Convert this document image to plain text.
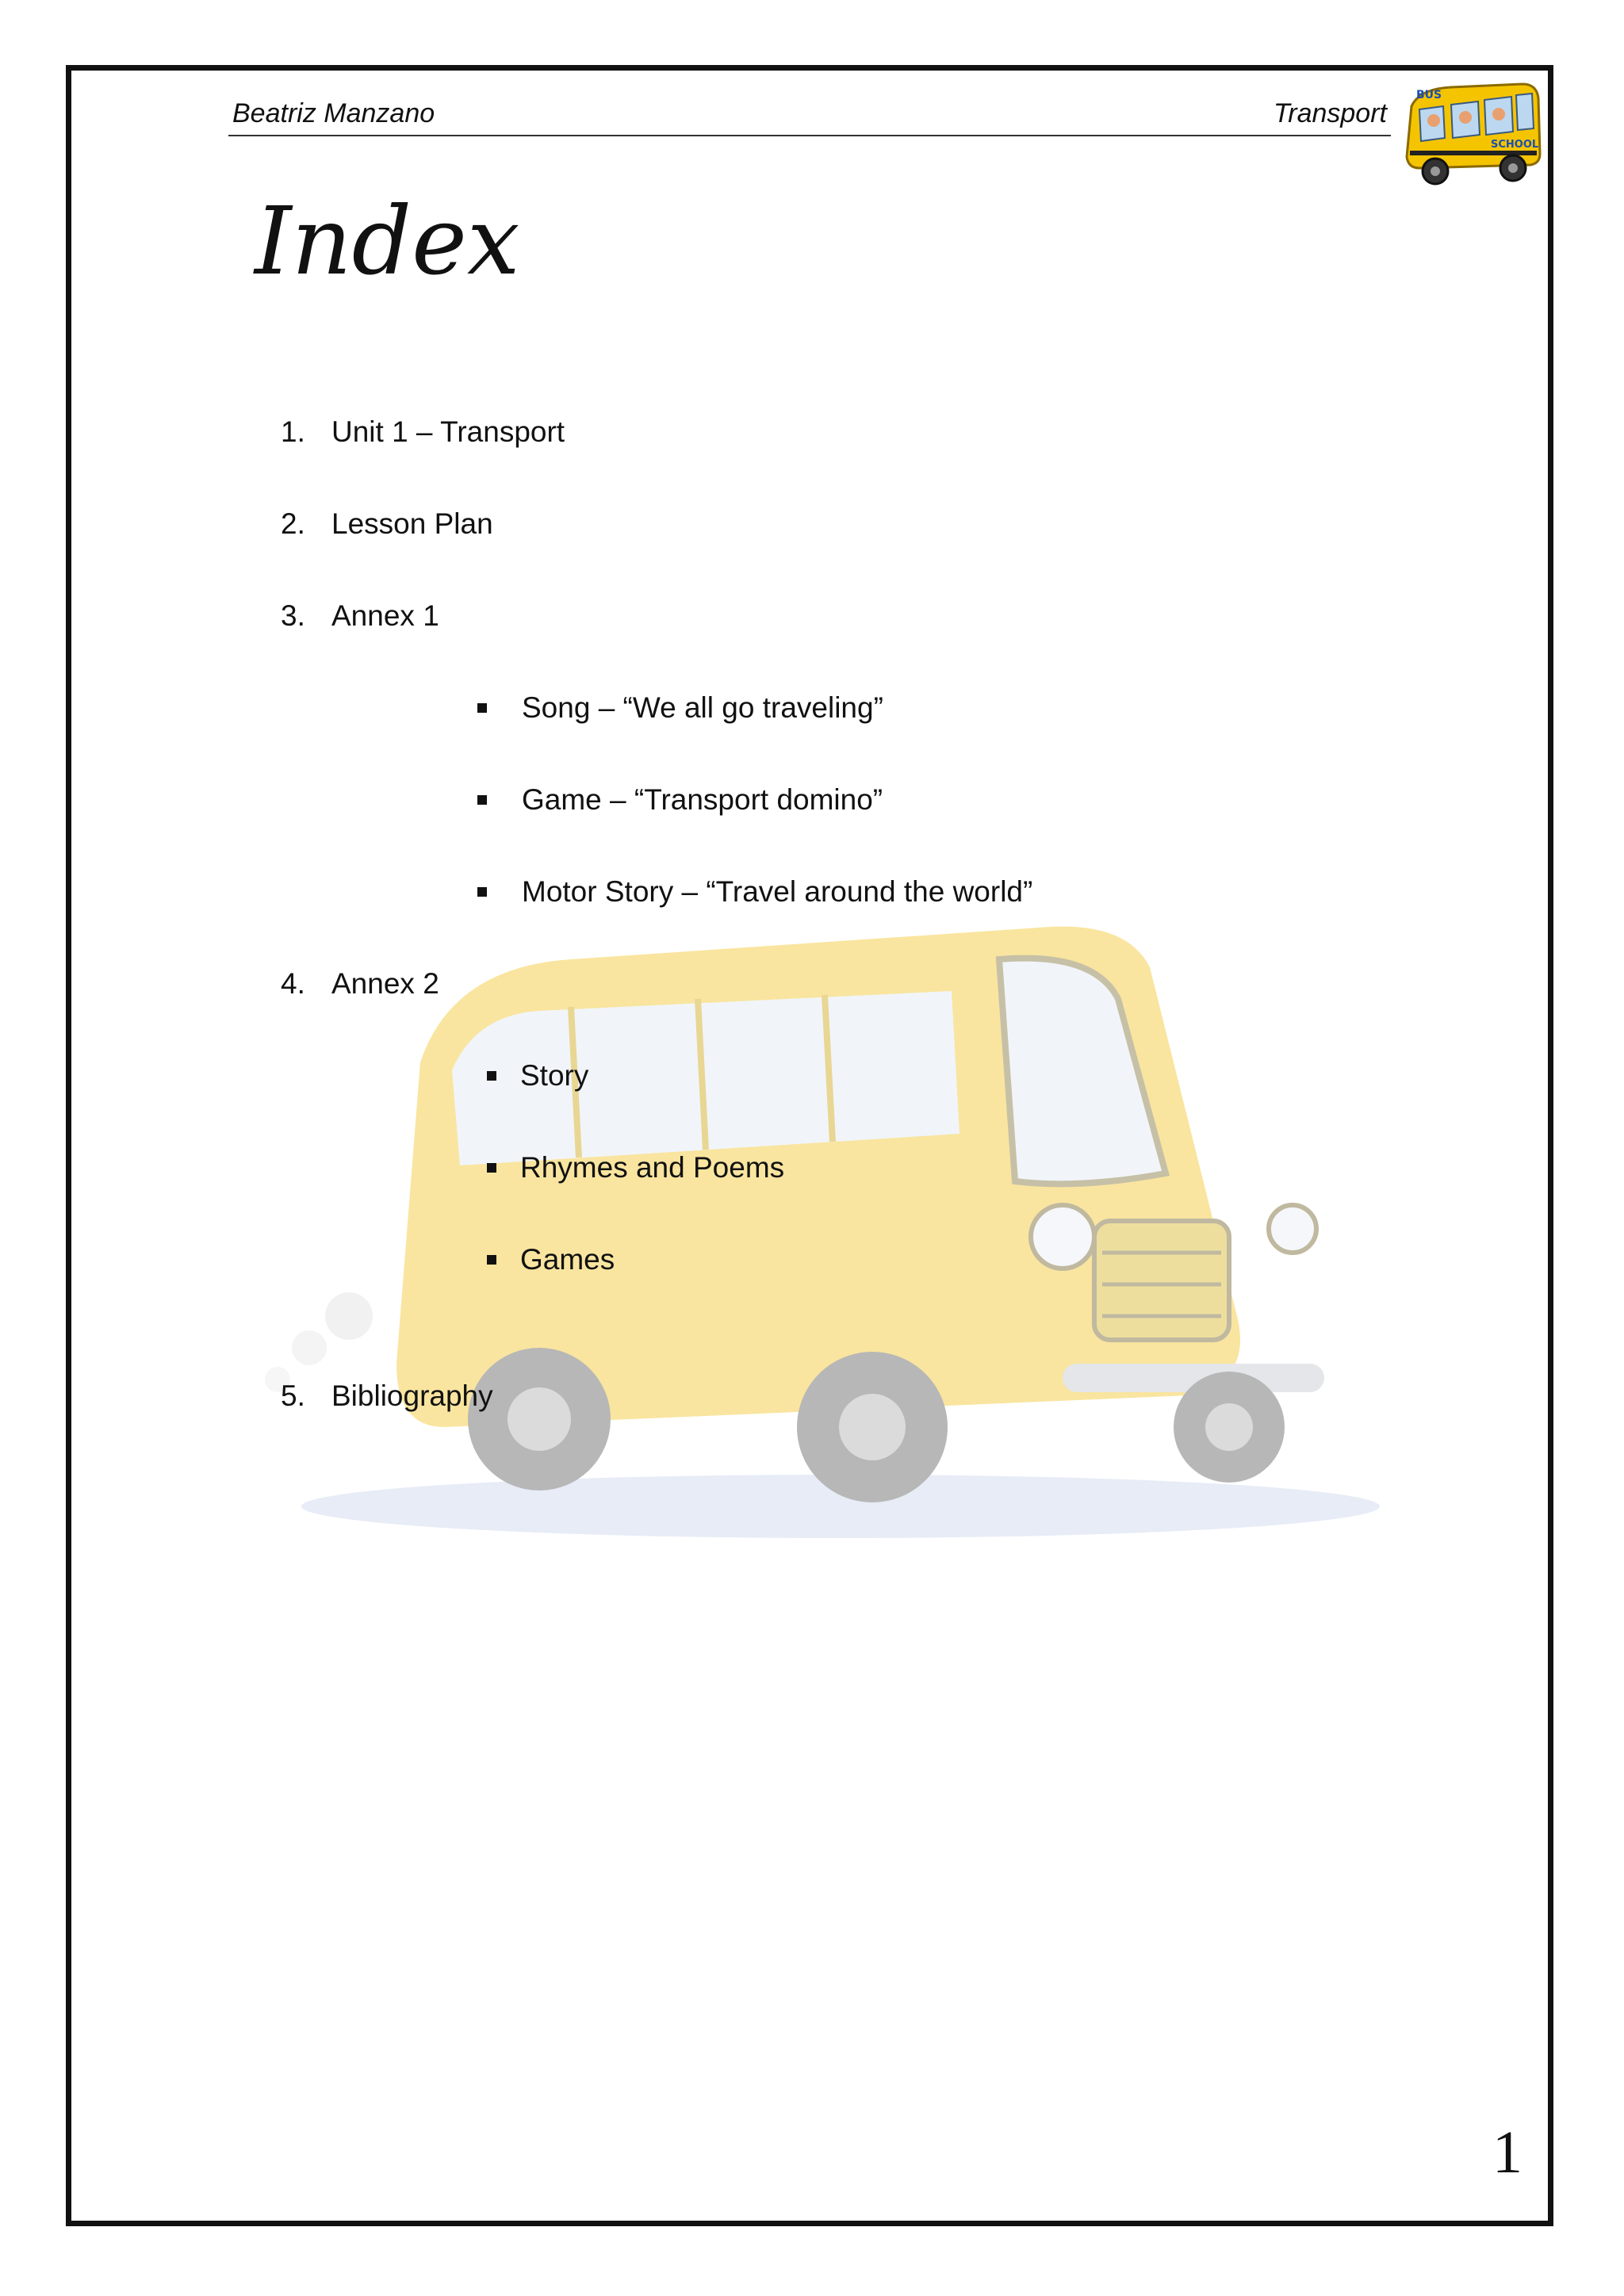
Beatriz Manzano	Transport
BUS
SCHOOL
Index
1. Unit 1 – Transport
2. Lesson Plan
3. Annex 1
Song – “We all go traveling”
Game – “Transport domino”
Motor Story – “Travel around the world”
4. Annex 2
Story
Rhymes and Poems
Games
5. Bibliography
1
